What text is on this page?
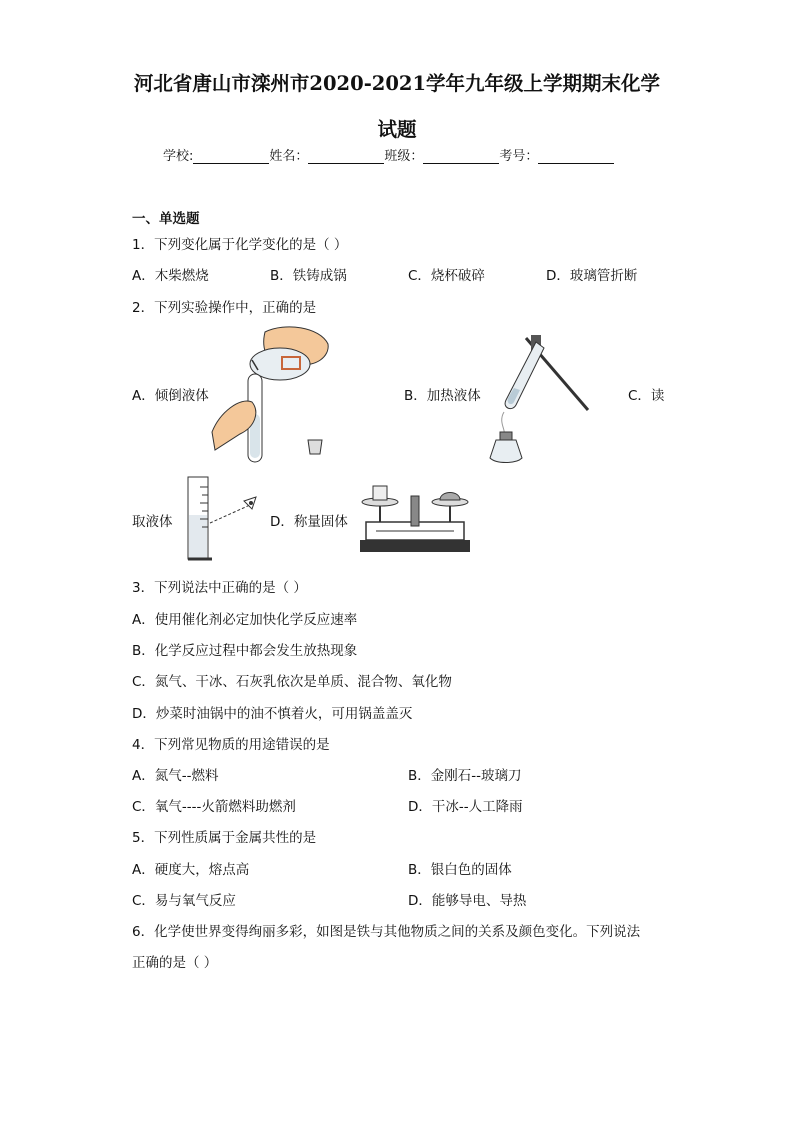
河北省唐山市滦州市2020-2021学年九年级上学期期末化学
试题
学校:	姓名：	班级：	考号：
一、单选题
1．下列变化属于化学变化的是（ ）
A．木柴燃烧	B．铁铸成锅	C．烧杯破碎	D．玻璃管折断
2．下列实验操作中，正确的是
A．倾倒液体	B．加热液体	C．读
取液体	D．称量固体
3．下列说法中正确的是（ ）
A．使用催化剂必定加快化学反应速率
B．化学反应过程中都会发生放热现象
C．氮气、干冰、石灰乳依次是单质、混合物、氧化物
D．炒菜时油锅中的油不慎着火，可用锅盖盖灭
4．下列常见物质的用途错误的是
A．氮气--燃料	B．金刚石--玻璃刀
C．氧气----火箭燃料助燃剂	D．干冰--人工降雨
5．下列性质属于金属共性的是
A．硬度大，熔点高	B．银白色的固体
C．易与氧气反应	D．能够导电、导热
6．化学使世界变得绚丽多彩，如图是铁与其他物质之间的关系及颜色变化。下列说法
正确的是（ ）
